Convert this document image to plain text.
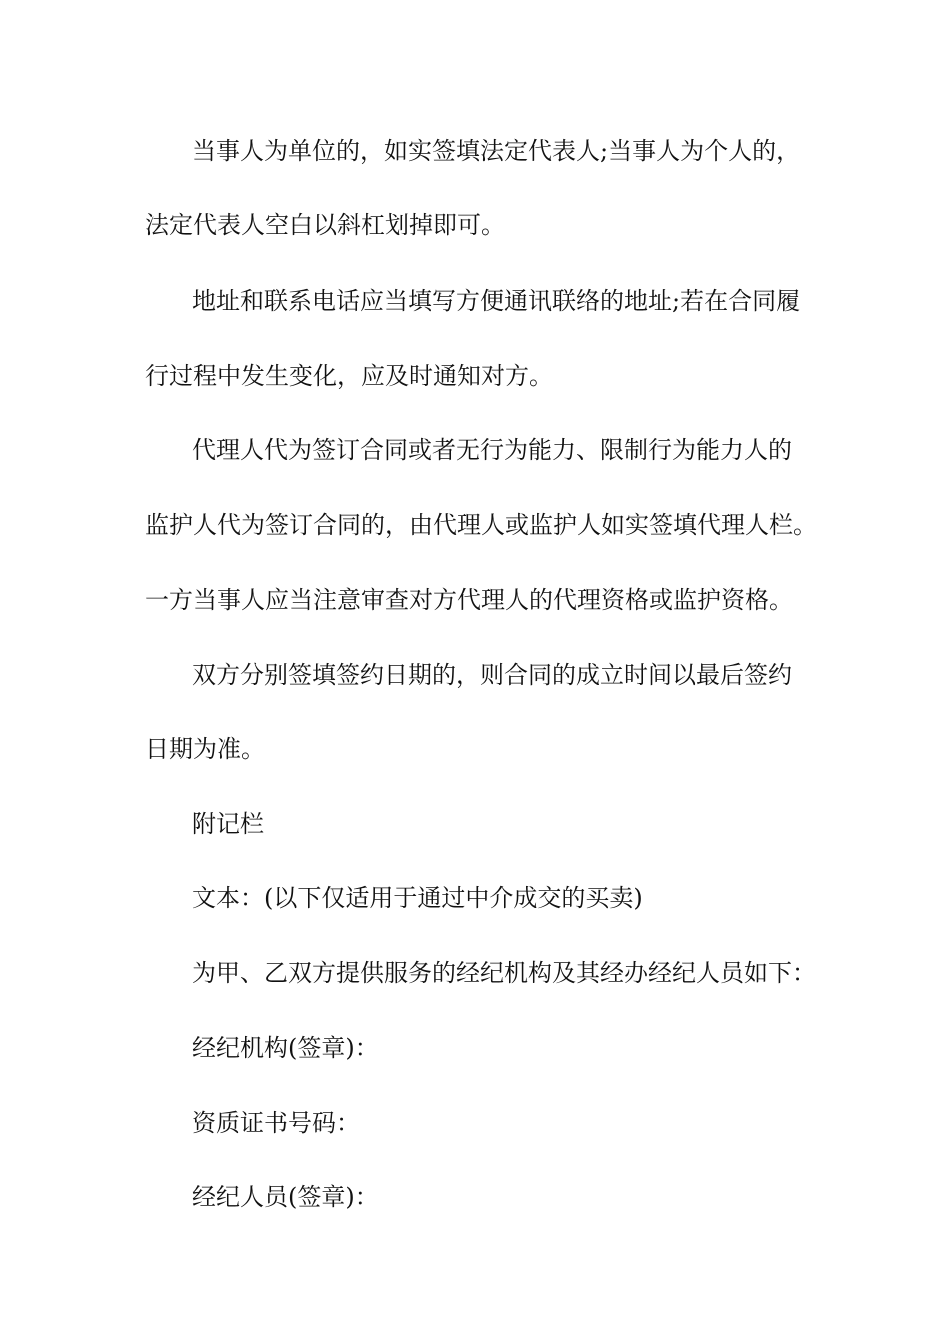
当事人为单位的，如实签填法定代表人;当事人为个人的，
法定代表人空白以斜杠划掉即可。
地址和联系电话应当填写方便通讯联络的地址;若在合同履
行过程中发生变化，应及时通知对方。
代理人代为签订合同或者无行为能力、限制行为能力人的
监护人代为签订合同的，由代理人或监护人如实签填代理人栏。
一方当事人应当注意审查对方代理人的代理资格或监护资格。
双方分别签填签约日期的，则合同的成立时间以最后签约
日期为准。
附记栏
文本：(以下仅适用于通过中介成交的买卖)
为甲、乙双方提供服务的经纪机构及其经办经纪人员如下：
经纪机构(签章)：
资质证书号码：
经纪人员(签章)：
